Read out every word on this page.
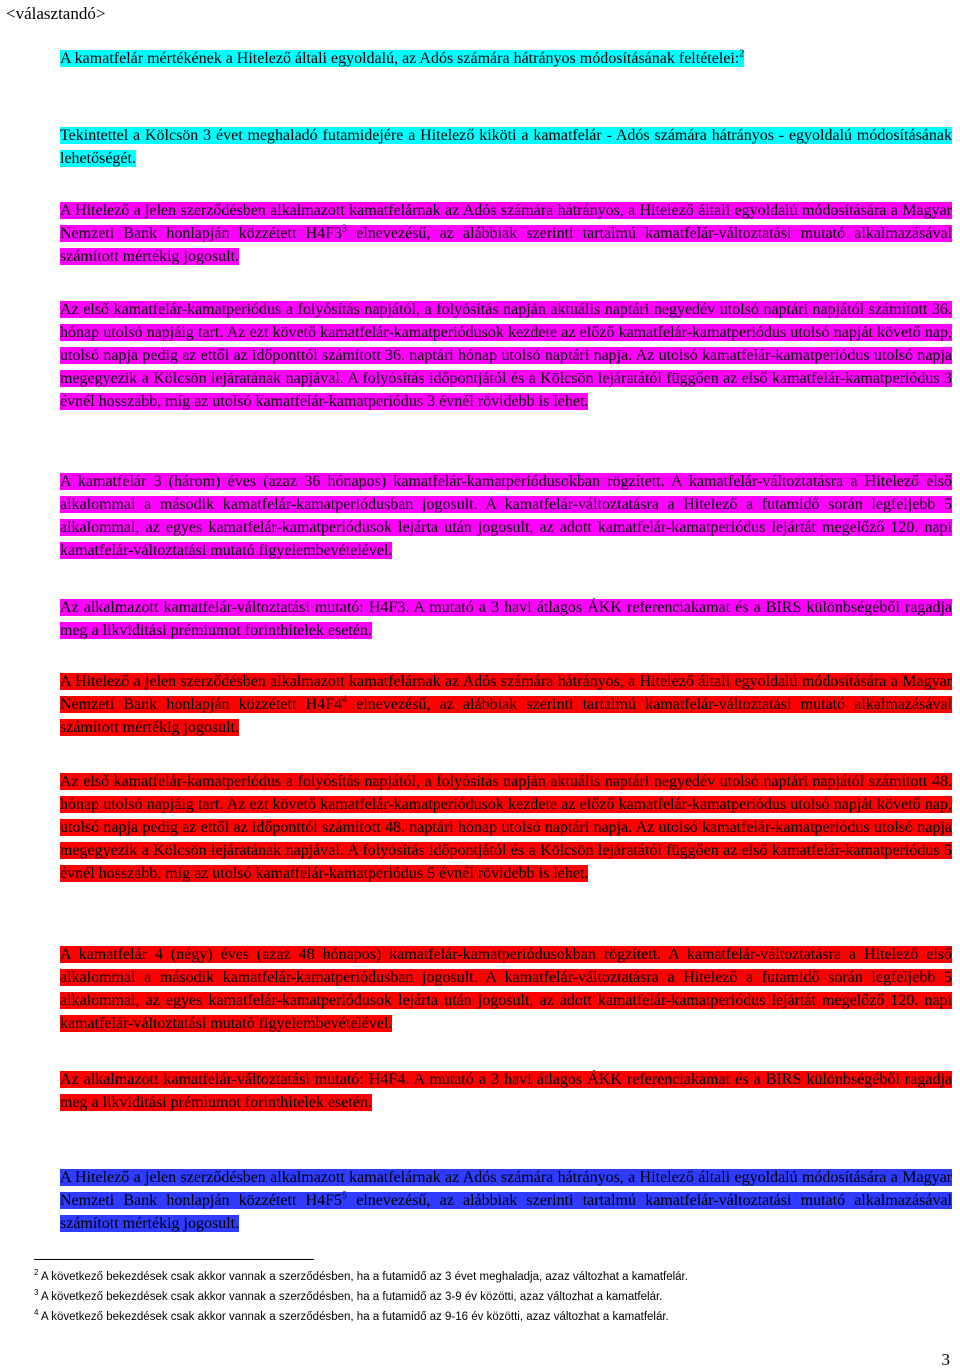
<választandó>

A kamatfelár mértékének a Hitelező általi egyoldalú, az Adós számára hátrányos módosításának feltételei:$^2$

Tekintettel a Kölcsön 3 évet meghaladó futamidejére a Hitelező kiköti a kamatfelár - Adós számára hátrányos - egyoldalú módosításának lehetőségét.

A Hitelező a jelen szerződésben alkalmazott kamatfelárnak az Adós számára hátrányos, a Hitelező általi egyoldalú módosítására a Magyar Nemzeti Bank honlapján közzétett $H4F3^3$ elnevezésű, az alábbiak szerinti tartalmú kamatfelár-változtatási mutató alkalmazásával számított mértékig jogosult.

Az első kamatfelár-kamatperiódus a folyósítás napjától, a folyósítás napján aktuális naptári negyedév utolsó naptári napjától számított 36. hónap utolsó napjáig tart. Az ezt követő kamatfelár-kamatperiódusok kezdete az előző kamatfelár-kamatperiódus utolsó napját követő nap, utolsó napja pedig az ettől az időponttól számított 36. naptári hónap utolsó naptári napja. Az utolsó kamatfelár-kamatperiódus utolsó napja megegyezik a Kölcsön lejáratának napjával. A folyósítás időpontjától és a Kölcsön lejáratától függően az első kamatfelár-kamatperiódus 3 évnél hosszabb, míg az utolsó kamatfelár-kamatperiódus 3 évnél rövidebb is lehet.

A kamatfelár 3 (három) éves (azaz 36 hónapos) kamatfelár-kamatperiódusokban rögzített. A kamatfelár-változtatásra a Hitelező első alkalommal a második kamatfelár-kamatperiódusban jogosult. A kamatfelár-változtatásra a Hitelező a futamidő során legfeljebb 5 alkalommal, az egyes kamatfelár-kamatperiódusok lejárta után jogosult, az adott kamatfelár-kamatperiódus lejártát megelőző 120. napi kamatfelár-változtatási mutató figyelembevételével.

Az alkalmazott kamatfelár-változtatási mutató: H4F3. A mutató a 3 havi átlagos ÁKK referenciakamat és a BIRS különbségéből ragadja meg a likviditási prémiumot forinthitelek esetén.

A Hitelező a jelen szerződésben alkalmazott kamatfelárnak az Adós számára hátrányos, a Hitelező általi egyoldalú módosítására a Magyar Nemzeti Bank honlapján közzétett $H4F4^4$ elnevezésű, az alábbiak szerinti tartalmú kamatfelár-változtatási mutató alkalmazásával számított mértékig jogosult.

Az első kamatfelár-kamatperiódus a folyósítás napjától, a folyósítás napján aktuális naptári negyedév utolsó naptári napjától számított 48. hónap utolsó napjáig tart. Az ezt követő kamatfelár-kamatperiódusok kezdete az előző kamatfelár-kamatperiódus utolsó napját követő nap, utolsó napja pedig az ettől az időponttól számított 48. naptári hónap utolsó naptári napja. Az utolsó kamatfelár-kamatperiódus utolsó napja megegyezik a Kölcsön lejáratának napjával. A folyósítás időpontjától és a Kölcsön lejáratától függően az első kamatfelár-kamatperiódus 5 évnél hosszabb, míg az utolsó kamatfelár-kamatperiódus 5 évnél rövidebb is lehet.

A kamatfelár 4 (négy) éves (azaz 48 hónapos) kamatfelár-kamatperiódusokban rögzített. A kamatfelár-változtatásra a Hitelező első alkalommal a második kamatfelár-kamatperiódusban jogosult. A kamatfelár-változtatásra a Hitelező a futamidő során legfeljebb 5 alkalommal, az egyes kamatfelár-kamatperiódusok lejárta után jogosult, az adott kamatfelár-kamatperiódus lejártát megelőző 120. napi kamatfelár-változtatási mutató figyelembevételével.

Az alkalmazott kamatfelár-változtatási mutató: H4F4. A mutató a 3 havi átlagos ÁKK referenciakamat és a BIRS különbségéből ragadja meg a likviditási prémiumot forinthitelek esetén.

A Hitelező a jelen szerződésben alkalmazott kamatfelárnak az Adós számára hátrányos, a Hitelező általi egyoldalú módosítására a Magyar Nemzeti Bank honlapján közzétett $H4F5^5$ elnevezésű, az alábbiak szerinti tartalmú kamatfelár-változtatási mutató alkalmazásával számított mértékig jogosult.

$^2$ A következő bekezdések csak akkor vannak a szerződésben, ha a futamidő az 3 évet meghaladja, azaz változhat a kamatfelár.
$^3$ A következő bekezdések csak akkor vannak a szerződésben, ha a futamidő az 3-9 év közötti, azaz változhat a kamatfelár.
$^4$ A következő bekezdések csak akkor vannak a szerződésben, ha a futamidő az 9-16 év közötti, azaz változhat a kamatfelár.
3
